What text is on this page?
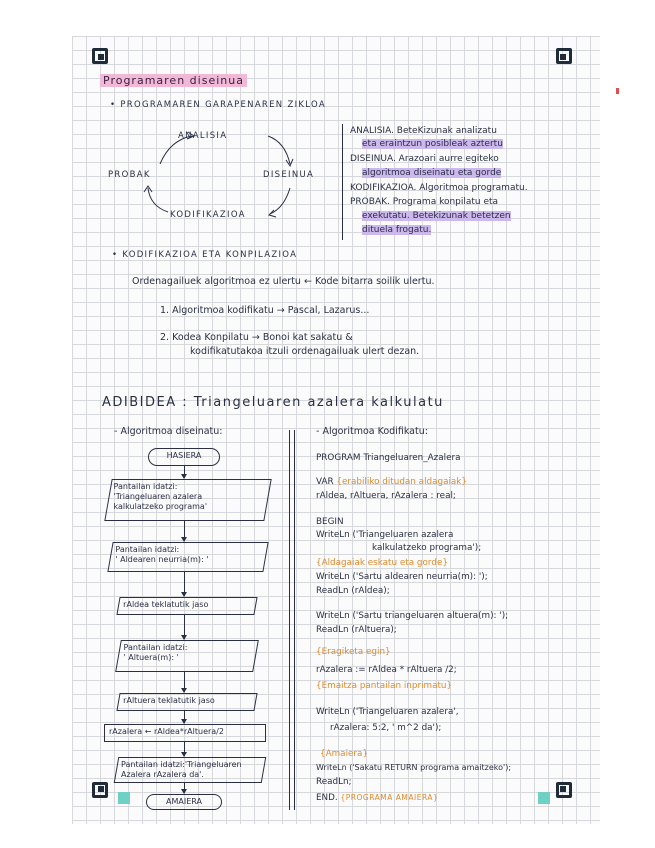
Programaren diseinua
• PROGRAMAREN GARAPENAREN ZIKLOA
ANALISIA
DISEINUA
KODIFIKAZIOA
PROBAK
ANALISIA. BeteKizunak analizatu
eta eraintzun posibleak aztertu
DISEINUA. Arazoari aurre egiteko
algoritmoa diseinatu eta gorde
KODIFIKAZIOA. Algoritmoa programatu.
PROBAK. Programa konpilatu eta
exekutatu. Betekizunak betetzen
dituela frogatu.
• KODIFIKAZIOA ETA KONPILAZIOA
Ordenagailuek algoritmoa ez ulertu ← Kode bitarra soilik ulertu.
1. Algoritmoa kodifikatu → Pascal, Lazarus...
2. Kodea Konpilatu → Bonoi kat sakatu &
kodifikatutakoa itzuli ordenagailuak ulert dezan.
ADIBIDEA : Triangeluaren azalera kalkulatu
- Algoritmoa diseinatu:	- Algoritmoa Kodifikatu:
HASIERA
Pantailan idatzi:
'Triangeluaren azalera
kalkulatzeko programa'
Pantailan idatzi:
' Aldearen neurria(m): '
rAldea teklatutik jaso
Pantailan idatzi:
' Altuera(m): '
rAltuera teklatutik jaso
rAzalera ← rAldea*rAltuera/2
Pantailan idatzi:'Triangeluaren
Azalera rAzalera da'.
AMAIERA
PROGRAM Triangeluaren_Azalera
VAR {erabiliko ditudan aldagaiak}
rAldea, rAltuera, rAzalera : real;
BEGIN
WriteLn ('Triangeluaren azalera
kalkulatzeko programa');
{Aldagaiak eskatu eta gorde}
WriteLn ('Sartu aldearen neurria(m): ');
ReadLn (rAldea);
WriteLn ('Sartu triangeluaren altuera(m): ');
ReadLn (rAltuera);
{Eragiketa egin}
rAzalera := rAldea * rAltuera /2;
{Emaitza pantailan inprimatu}
WriteLn ('Triangeluaren azalera',
rAzalera: 5:2, ' m^2 da');
{Amaiera}
WriteLn ('Sakatu RETURN programa amaitzeko');
ReadLn;
END. {PROGRAMA AMAIERA}
